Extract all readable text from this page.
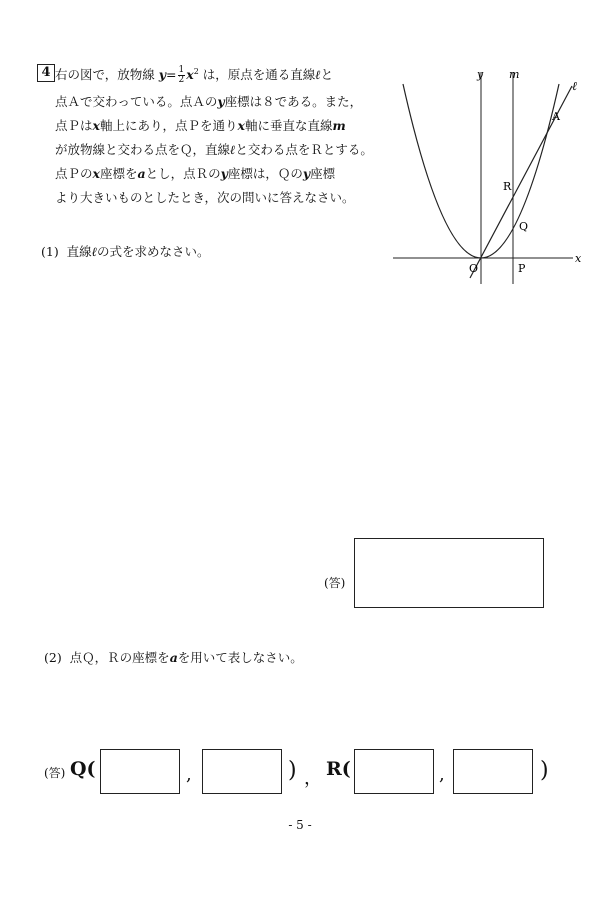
4 右の図で，放物線 $y= \frac{1}{2} x^2$ は，原点を通る直線ℓと
点Ａで交わっている。点Ａのy座標は８である。また，
点Ｐはx軸上にあり，点Ｐを通りx軸に垂直な直線m
が放物線と交わる点をＱ，直線ℓと交わる点をＲとする。
点Ｐのx座標をaとし，点Ｒのy座標は，Ｑのy座標
より大きいものとしたとき，次の問いに答えなさい。
y m
ℓ
x
A
R
Q
O	P
(1) 直線ℓの式を求めなさい。
(答)
(2) 点Ｑ，Ｒの座標をaを用いて表しなさい。
(答) Q(	,	) ， R(	,	)
- 5 -
